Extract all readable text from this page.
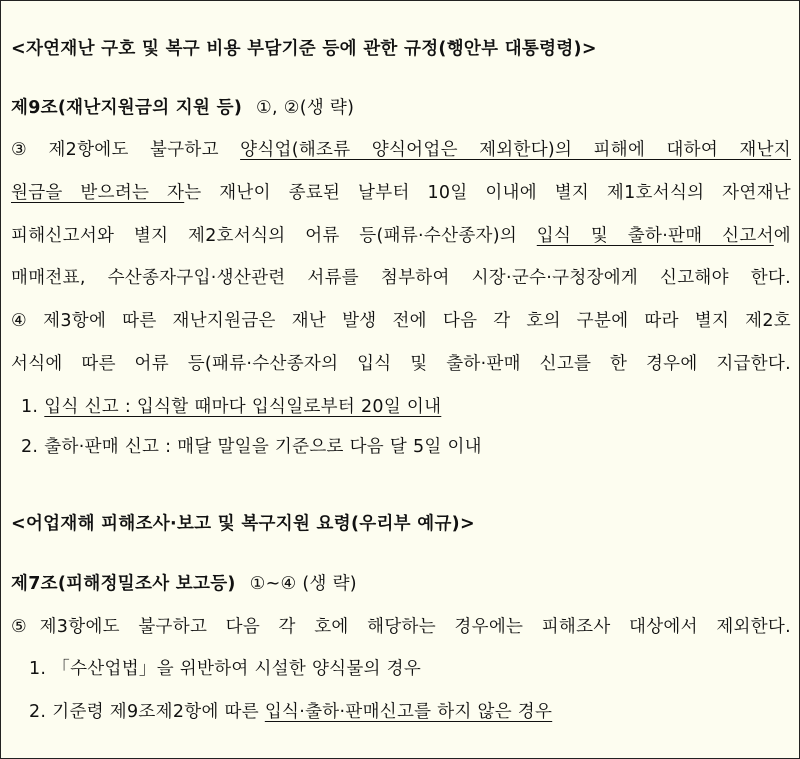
<자연재난 구호 및 복구 비용 부담기준 등에 관한 규정(행안부 대통령령)>
제9조(재난지원금의 지원 등) ①, ②(생 략)
③ 제2항에도 불구하고 양식업(해조류 양식어업은 제외한다)의 피해에 대하여 재난지
원금을 받으려는 자는 재난이 종료된 날부터 10일 이내에 별지 제1호서식의 자연재난
피해신고서와 별지 제2호서식의 어류 등(패류·수산종자)의 입식 및 출하·판매 신고서에
매매전표, 수산종자구입·생산관련 서류를 첨부하여 시장·군수·구청장에게 신고해야 한다.
④ 제3항에 따른 재난지원금은 재난 발생 전에 다음 각 호의 구분에 따라 별지 제2호
서식에 따른 어류 등(패류·수산종자의 입식 및 출하·판매 신고를 한 경우에 지급한다.
1. 입식 신고 : 입식할 때마다 입식일로부터 20일 이내
2. 출하·판매 신고 : 매달 말일을 기준으로 다음 달 5일 이내
<어업재해 피해조사·보고 및 복구지원 요령(우리부 예규)>
제7조(피해정밀조사 보고등) ①~④ (생 략)
⑤제3항에도 불구하고 다음 각 호에 해당하는 경우에는 피해조사 대상에서 제외한다.
1. 「수산업법」을 위반하여 시설한 양식물의 경우
2. 기준령 제9조제2항에 따른 입식·출하·판매신고를 하지 않은 경우
